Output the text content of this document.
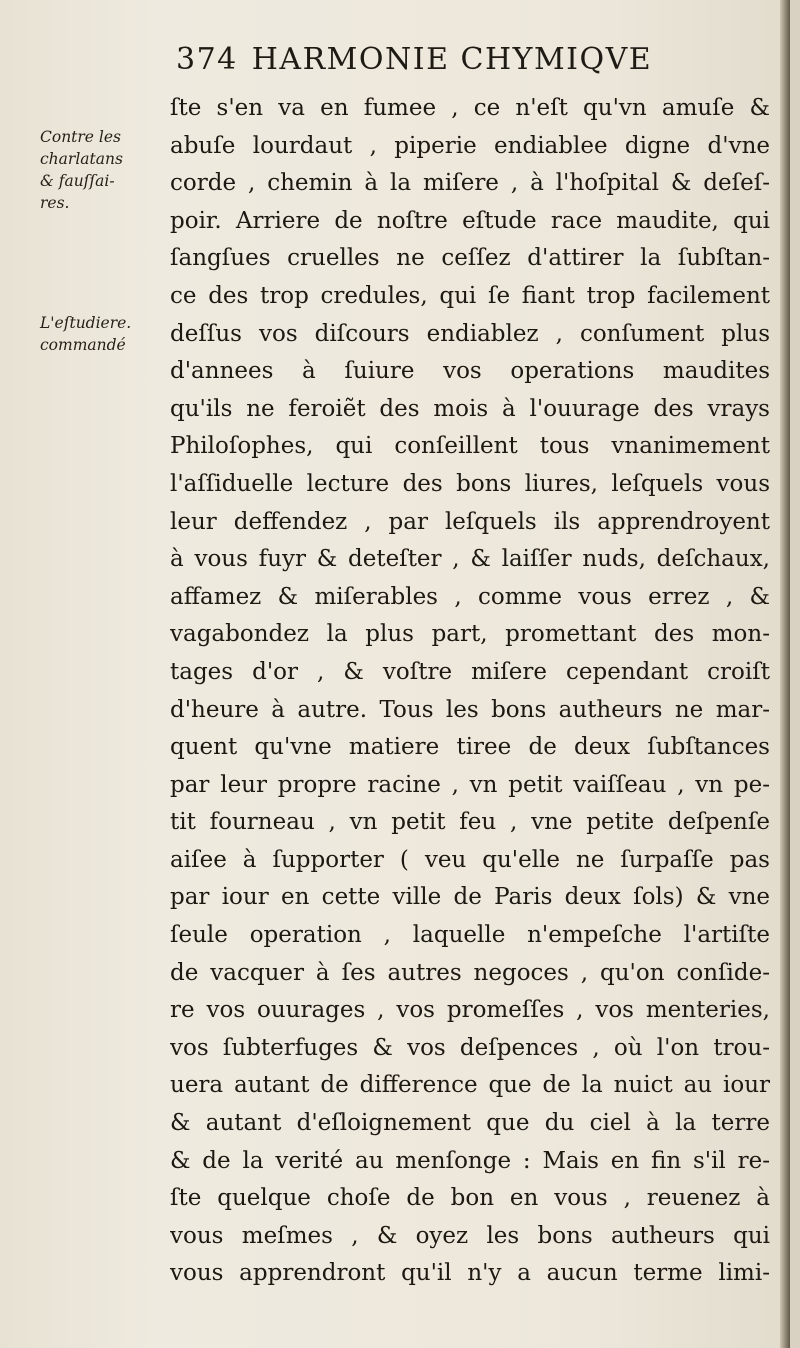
374 HARMONIE CHYMIQVE
Contre les
charlatans
& fauſſai-
res.
L'eſtudiere.
commandé
ſte s'en va en fumee , ce n'eſt qu'vn amuſe &
abuſe lourdaut , piperie endiablee digne d'vne
corde , chemin à la miſere , à l'hoſpital & deſeſ-
poir. Arriere de noſtre eſtude race maudite, qui
ſangſues cruelles ne ceſſez d'attirer la ſubſtan-
ce des trop credules, qui ſe fiant trop facilement
deſſus vos diſcours endiablez , conſument plus
d'annees à ſuiure vos operations maudites
qu'ils ne feroiẽt des mois à l'ouurage des vrays
Philoſophes, qui conſeillent tous vnanimement
l'aſſiduelle lecture des bons liures, leſquels vous
leur deffendez , par leſquels ils apprendroyent
à vous fuyr & deteſter , & laiſſer nuds, deſchaux,
affamez & miſerables , comme vous errez , &
vagabondez la plus part, promettant des mon-
tages d'or , & voſtre miſere cependant croiſt
d'heure à autre. Tous les bons autheurs ne mar-
quent qu'vne matiere tiree de deux ſubſtances
par leur propre racine , vn petit vaiſſeau , vn pe-
tit fourneau , vn petit feu , vne petite deſpenſe
aiſee à ſupporter ( veu qu'elle ne ſurpaſſe pas
par iour en cette ville de Paris deux ſols) & vne
ſeule operation , laquelle n'empeſche l'artiſte
de vacquer à ſes autres negoces , qu'on conſide-
re vos ouurages , vos promeſſes , vos menteries,
vos ſubterfuges & vos deſpences , où l'on trou-
uera autant de difference que de la nuict au iour
& autant d'eſloignement que du ciel à la terre
& de la verité au menſonge : Mais en fin s'il re-
ſte quelque choſe de bon en vous , reuenez à
vous meſmes , & oyez les bons autheurs qui
vous apprendront qu'il n'y a aucun terme limi-
